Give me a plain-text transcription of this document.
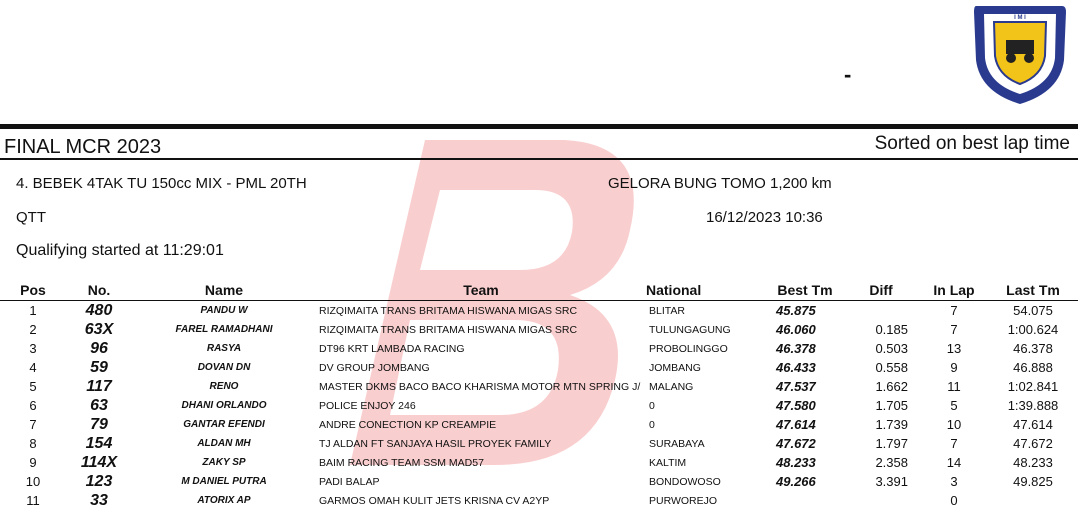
-
I M I
FINAL MCR 2023	Sorted on best lap time
4. BEBEK 4TAK TU 150cc MIX - PML 20TH	GELORA BUNG TOMO 1,200 km
QTT	16/12/2023 10:36
Qualifying started at 11:29:01
Pos	No.	Name	Team	National	Best Tm	Diff	In Lap	Last Tm
1	480	PANDU W	RIZQIMAITA TRANS BRITAMA HISWANA MIGAS SRC	BLITAR	45.875		7	54.075
2	63X	FAREL RAMADHANI	RIZQIMAITA TRANS BRITAMA HISWANA MIGAS SRC	TULUNGAGUNG	46.060	0.185	7	1:00.624
3	96	RASYA	DT96 KRT LAMBADA RACING	PROBOLINGGO	46.378	0.503	13	46.378
4	59	DOVAN DN	DV GROUP JOMBANG	JOMBANG	46.433	0.558	9	46.888
5	117	RENO	MASTER DKMS BACO BACO KHARISMA MOTOR MTN SPRING J/	MALANG	47.537	1.662	11	1:02.841
6	63	DHANI ORLANDO	POLICE ENJOY 246	0	47.580	1.705	5	1:39.888
7	79	GANTAR EFENDI	ANDRE CONECTION KP CREAMPIE	0	47.614	1.739	10	47.614
8	154	ALDAN MH	TJ ALDAN FT SANJAYA HASIL PROYEK FAMILY	SURABAYA	47.672	1.797	7	47.672
9	114X	ZAKY SP	BAIM RACING TEAM SSM MAD57	KALTIM	48.233	2.358	14	48.233
10	123	M DANIEL PUTRA	PADI BALAP	BONDOWOSO	49.266	3.391	3	49.825
11	33	ATORIX AP	GARMOS OMAH KULIT JETS KRISNA CV A2YP	PURWOREJO			0	
